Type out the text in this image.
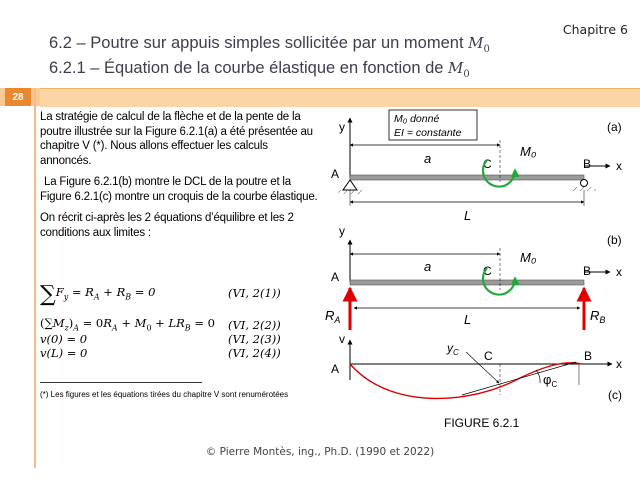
Chapitre 6
6.2 – Poutre sur appuis simples sollicitée par un moment $M_0$
6.2.1 – Équation de la courbe élastique en fonction de $M_0$
28

La stratégie de calcul de la flèche et de la pente de la poutre illustrée sur la Figure 6.2.1(a) a été présentée au chapitre V (*). Nous allons effectuer les calculs annoncés.

La Figure 6.2.1(b) montre le DCL de la poutre et la Figure 6.2.1(c) montre un croquis de la courbe élastique.

On récrit ci-après les 2 équations d’équilibre et les 2 conditions aux limites :

$\sum F_y = R_A + R_B = 0$	(VI, 2(1))
$(\sum M_z)_A = 0R_A + M_0 + LR_B = 0$ (VI, 2(2))
v(0) = 0	(VI, 2(3))
v(L) = 0	(VI, 2(4))
(*) Les figures et les équations tirées du chapitre V sont renumérotées
y
M₀ donné
EI = constante	(a)
x
A
B
C
a
L
M₀
y
(b)
x
A	B
C
a
$R_A$	$R_B$
L
M₀
v
x
A
B
C
$y_C$
$\varphi_C$
(c)
FIGURE 6.2.1
© Pierre Montès, ing., Ph.D. (1990 et 2022)
